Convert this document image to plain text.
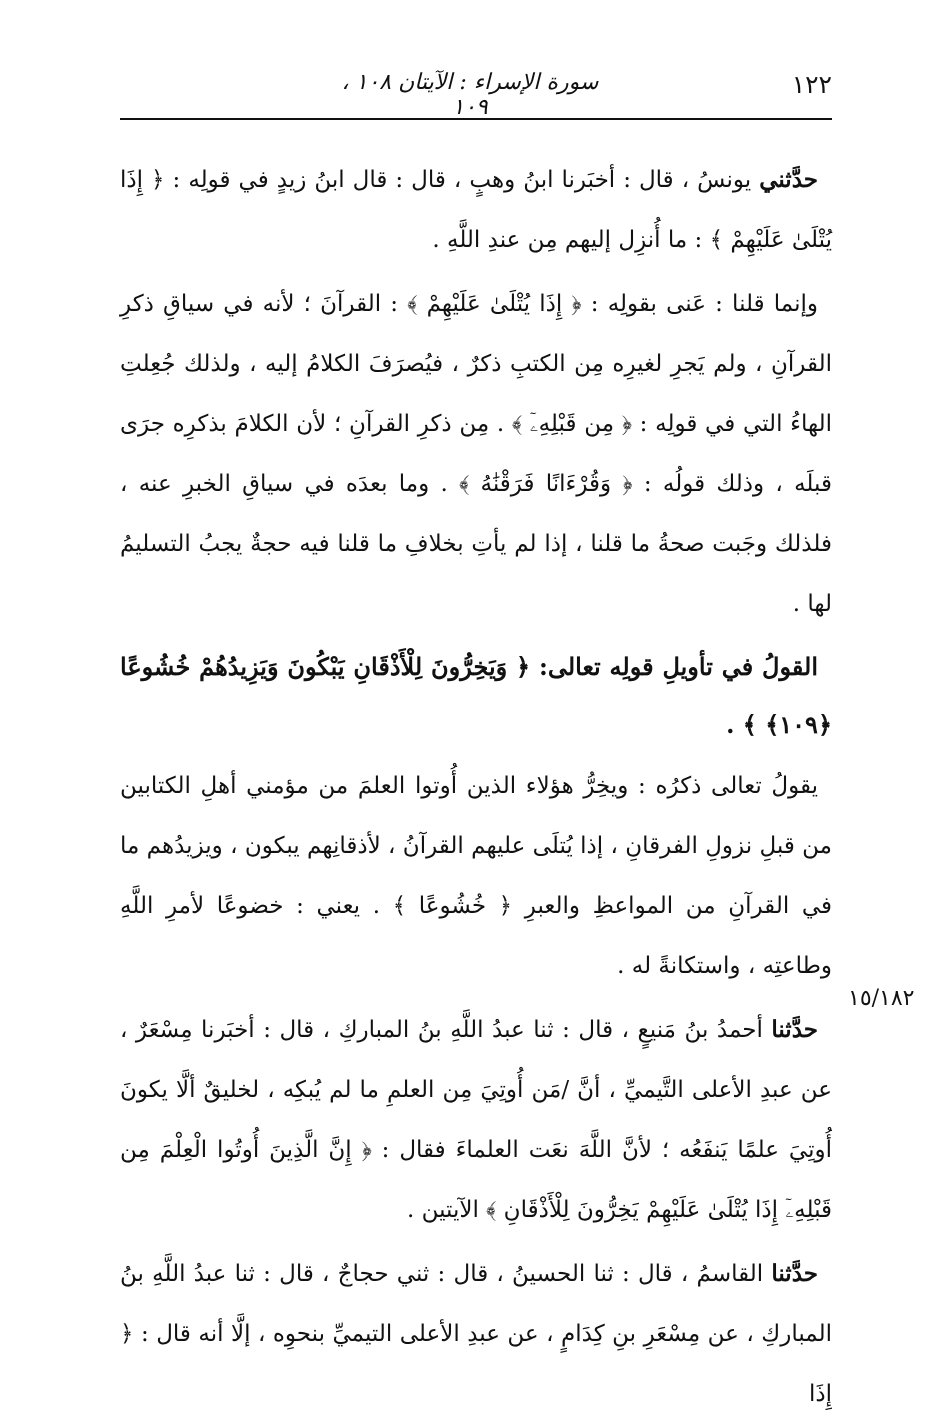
١٢٢
سورة الإسراء : الآيتان ١٠٨ ، ١٠٩
١٥/١٨٢

حدَّثني يونسُ ، قال : أخبَرنا ابنُ وهبٍ ، قال : قال ابنُ زيدٍ في قولِه : ﴿ إِذَا يُتْلَىٰ عَلَيْهِمْ ﴾ : ما أُنزِل إليهم مِن عندِ اللَّهِ .

وإنما قلنا : عَنى بقولِه : ﴿ إِذَا يُتْلَىٰ عَلَيْهِمْ ﴾ : القرآنَ ؛ لأنه في سياقِ ذكرِ القرآنِ ، ولم يَجرِ لغيرِه مِن الكتبِ ذكرٌ ، فيُصرَفَ الكلامُ إليه ، ولذلك جُعِلتِ الهاءُ التي في قولِه : ﴿ مِن قَبْلِهِۦٓ ﴾ . مِن ذكرِ القرآنِ ؛ لأن الكلامَ بذكرِه جرَى قبلَه ، وذلك قولُه : ﴿ وَقُرْءَانًا فَرَقْنَٰهُ ﴾ . وما بعدَه في سياقِ الخبرِ عنه ، فلذلك وجَبت صحةُ ما قلنا ، إذا لم يأتِ بخلافِ ما قلنا فيه حجةٌ يجبُ التسليمُ لها .

القولُ في تأويلِ قولِه تعالى: ﴿ وَيَخِرُّونَ لِلْأَذْقَانِ يَبْكُونَ وَيَزِيدُهُمْ خُشُوعًا ﴿١٠٩﴾ ﴾ .

يقولُ تعالى ذكرُه : ويخِرُّ هؤلاء الذين أُوتوا العلمَ من مؤمني أهلِ الكتابين من قبلِ نزولِ الفرقانِ ، إذا يُتلَى عليهم القرآنُ ، لأذقانِهم يبكون ، ويزيدُهم ما في القرآنِ من المواعظِ والعبرِ ﴿ خُشُوعًا ﴾ . يعني : خضوعًا لأمرِ اللَّهِ وطاعتِه ، واستكانةً له .

حدَّثنا أحمدُ بنُ مَنيعٍ ، قال : ثنا عبدُ اللَّهِ بنُ المباركِ ، قال : أخبَرنا مِسْعَرٌ ، عن عبدِ الأعلى التَّيميِّ ، أنَّ /مَن أُوتِيَ مِن العلمِ ما لم يُبكِه ، لخليقٌ ألَّا يكونَ أُوتِيَ علمًا يَنفَعُه ؛ لأنَّ اللَّهَ نعَت العلماءَ فقال : ﴿ إِنَّ الَّذِينَ أُوتُوا الْعِلْمَ مِن قَبْلِهِۦٓ إِذَا يُتْلَىٰ عَلَيْهِمْ يَخِرُّونَ لِلْأَذْقَانِ ﴾ الآيتين .

حدَّثنا القاسمُ ، قال : ثنا الحسينُ ، قال : ثني حجاجٌ ، قال : ثنا عبدُ اللَّهِ بنُ المباركِ ، عن مِسْعَرِ بنِ كِدَامٍ ، عن عبدِ الأعلى التيميِّ بنحوِه ، إلَّا أنه قال : ﴿ إِذَا
